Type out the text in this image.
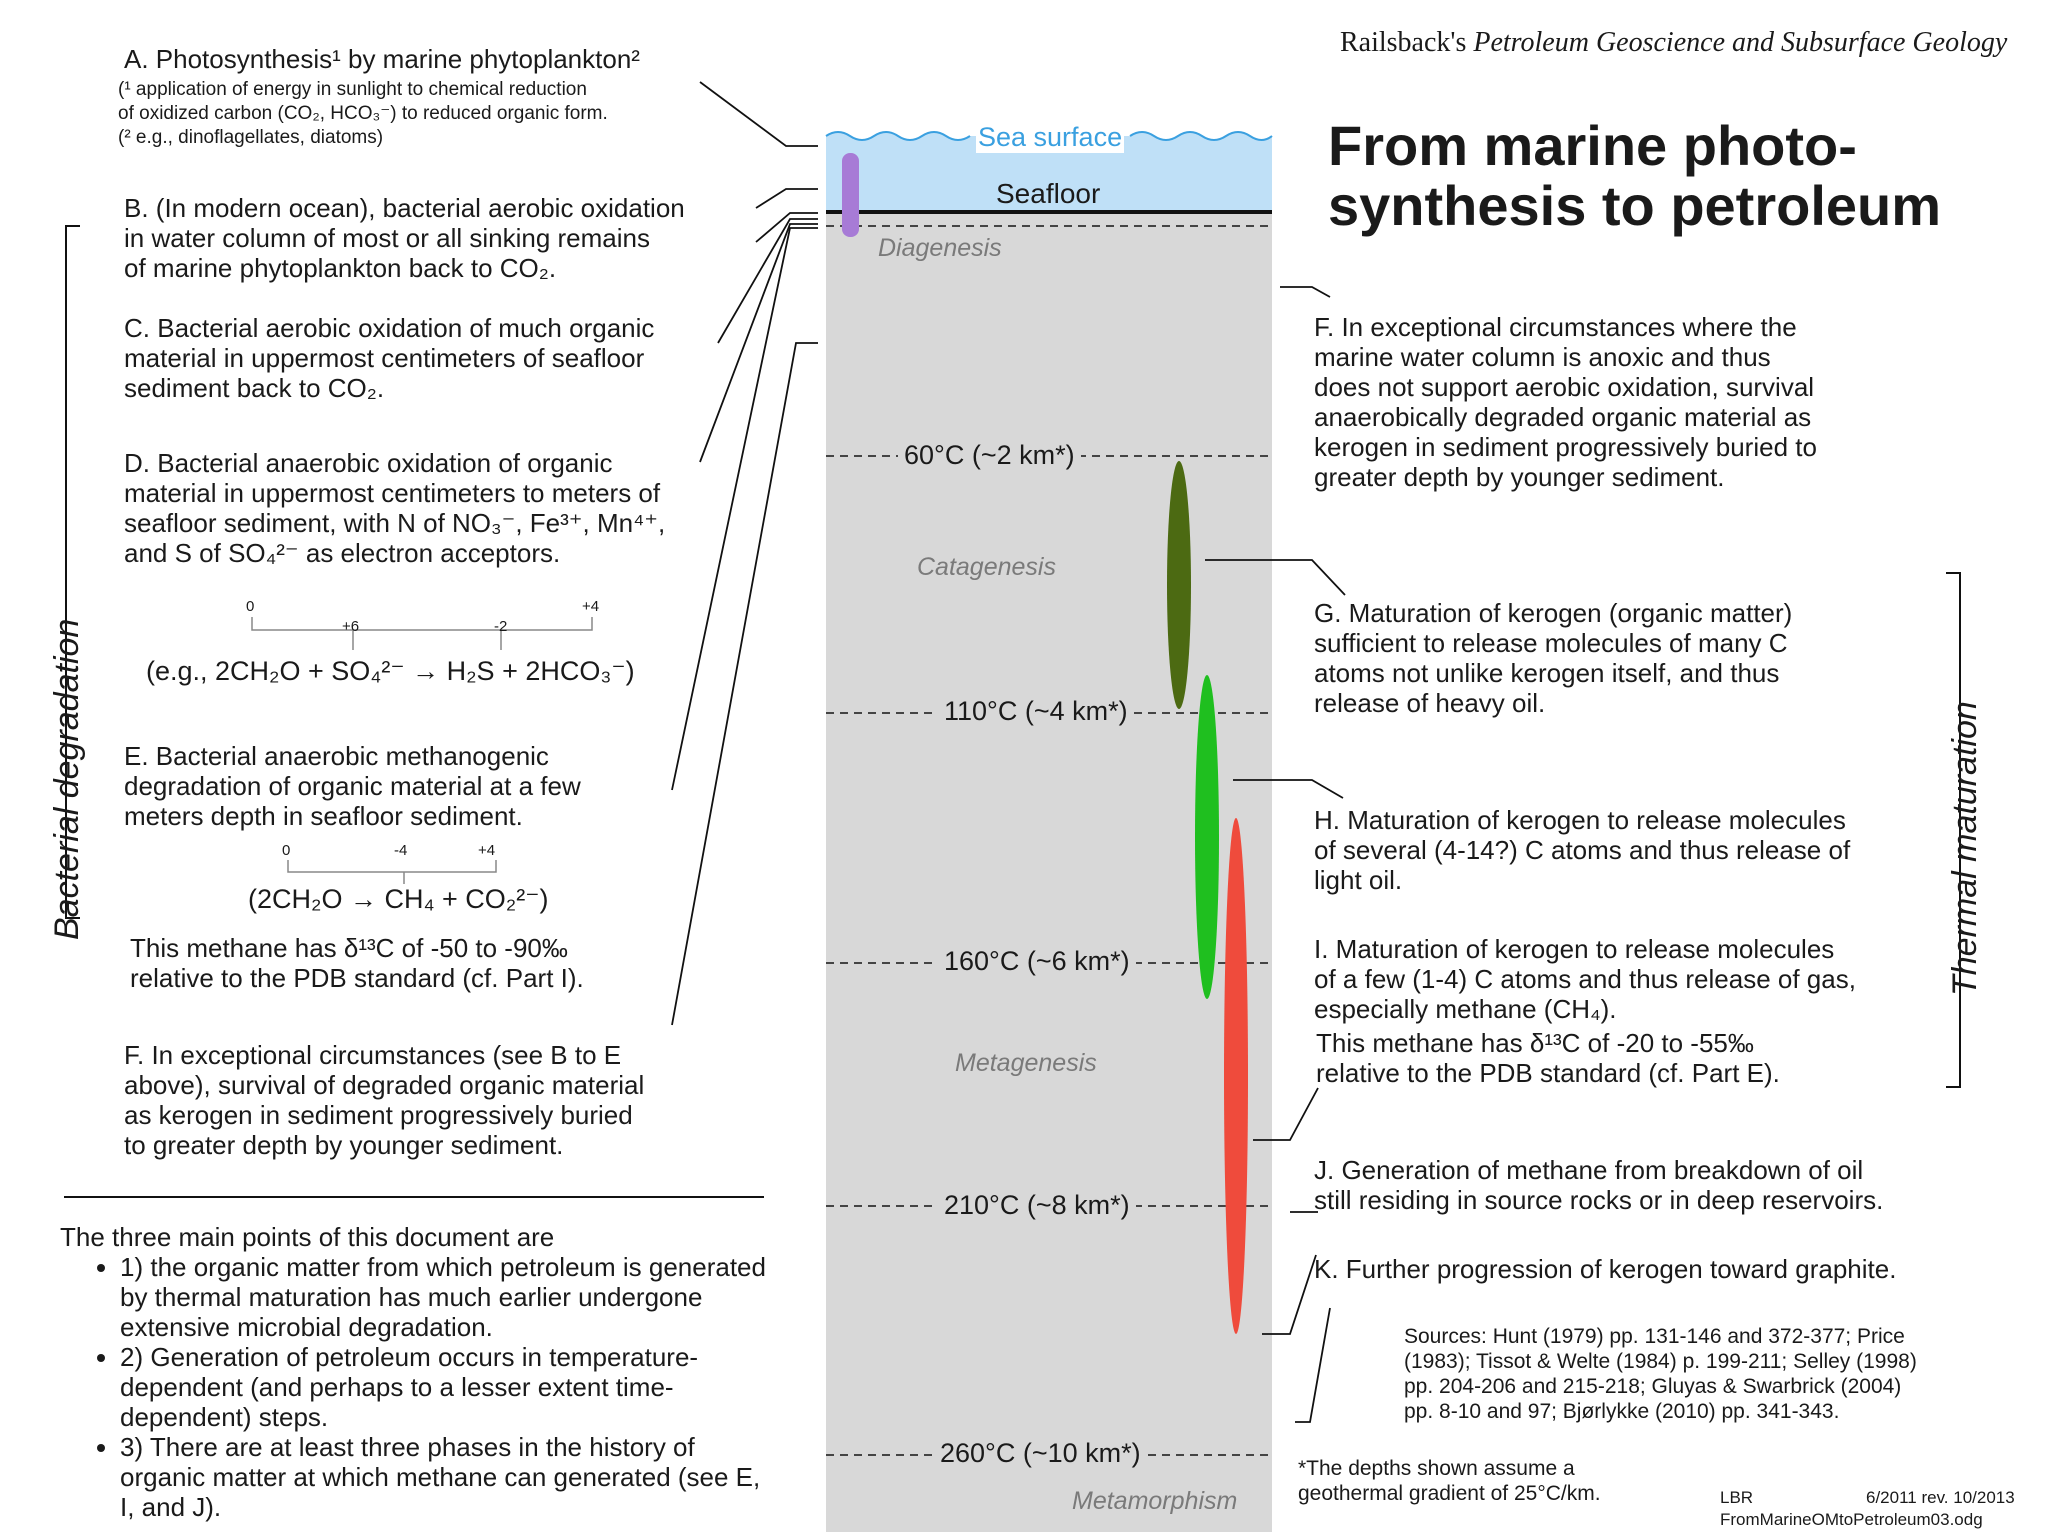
Railsback's Petroleum Geoscience and Subsurface Geology
From marine photo-
synthesis to petroleum
Sea surface
Seafloor
Diagenesis
Catagenesis
Metagenesis
Metamorphism
60°C (~2 km*)
110°C (~4 km*)
160°C (~6 km*)
210°C (~8 km*)
260°C (~10 km*)
A. Photosynthesis¹ by marine phytoplankton²
(¹ application of energy in sunlight to chemical reduction
of oxidized carbon (CO₂, HCO₃⁻) to reduced organic form.
(² e.g., dinoflagellates, diatoms)
B. (In modern ocean), bacterial aerobic oxidation
in water column of most or all sinking remains
of marine phytoplankton back to CO₂.
C. Bacterial aerobic oxidation of much organic
material in uppermost centimeters of seafloor
sediment back to CO₂.
D. Bacterial anaerobic oxidation of organic
material in uppermost centimeters to meters of
seafloor sediment, with N of NO₃⁻, Fe³⁺, Mn⁴⁺,
and S of SO₄²⁻ as electron acceptors.
0
+6	-2
+4
(e.g., 2CH₂O + SO₄²⁻ → H₂S + 2HCO₃⁻)
E. Bacterial anaerobic methanogenic
degradation of organic material at a few
meters depth in seafloor sediment.
0	-4	+4
(2CH₂O → CH₄ + CO₂²⁻)
This methane has δ¹³C of -50 to -90‰
relative to the PDB standard (cf. Part I).
F. In exceptional circumstances (see B to E
above), survival of degraded organic material
as kerogen in sediment progressively buried
to greater depth by younger sediment.
Bacterial degradation
The three main points of this document are
• 1) the organic matter from which petroleum is generated by thermal maturation has much earlier undergone extensive microbial degradation.
• 2) Generation of petroleum occurs in temperature-dependent (and perhaps to a lesser extent time-dependent) steps.
• 3) There are at least three phases in the history of organic matter at which methane can generated (see E, I, and J).
F. In exceptional circumstances where the
marine water column is anoxic and thus
does not support aerobic oxidation, survival
anaerobically degraded organic material as
kerogen in sediment progressively buried to
greater depth by younger sediment.
G. Maturation of kerogen (organic matter)
sufficient to release molecules of many C
atoms not unlike kerogen itself, and thus
release of heavy oil.
H. Maturation of kerogen to release molecules
of several (4-14?) C atoms and thus release of
light oil.
I. Maturation of kerogen to release molecules
of a few (1-4) C atoms and thus release of gas,
especially methane (CH₄).
This methane has δ¹³C of -20 to -55‰
relative to the PDB standard (cf. Part E).
J. Generation of methane from breakdown of oil
still residing in source rocks or in deep reservoirs.
K. Further progression of kerogen toward graphite.
Thermal maturation
Sources: Hunt (1979) pp. 131-146 and 372-377; Price
(1983); Tissot & Welte (1984) p. 199-211; Selley (1998)
pp. 204-206 and 215-218; Gluyas & Swarbrick (2004)
pp. 8-10 and 97; Bjørlykke (2010) pp. 341-343.
*The depths shown assume a
geothermal gradient of 25°C/km.	LBR	6/2011 rev. 10/2013
FromMarineOMtoPetroleum03.odg
